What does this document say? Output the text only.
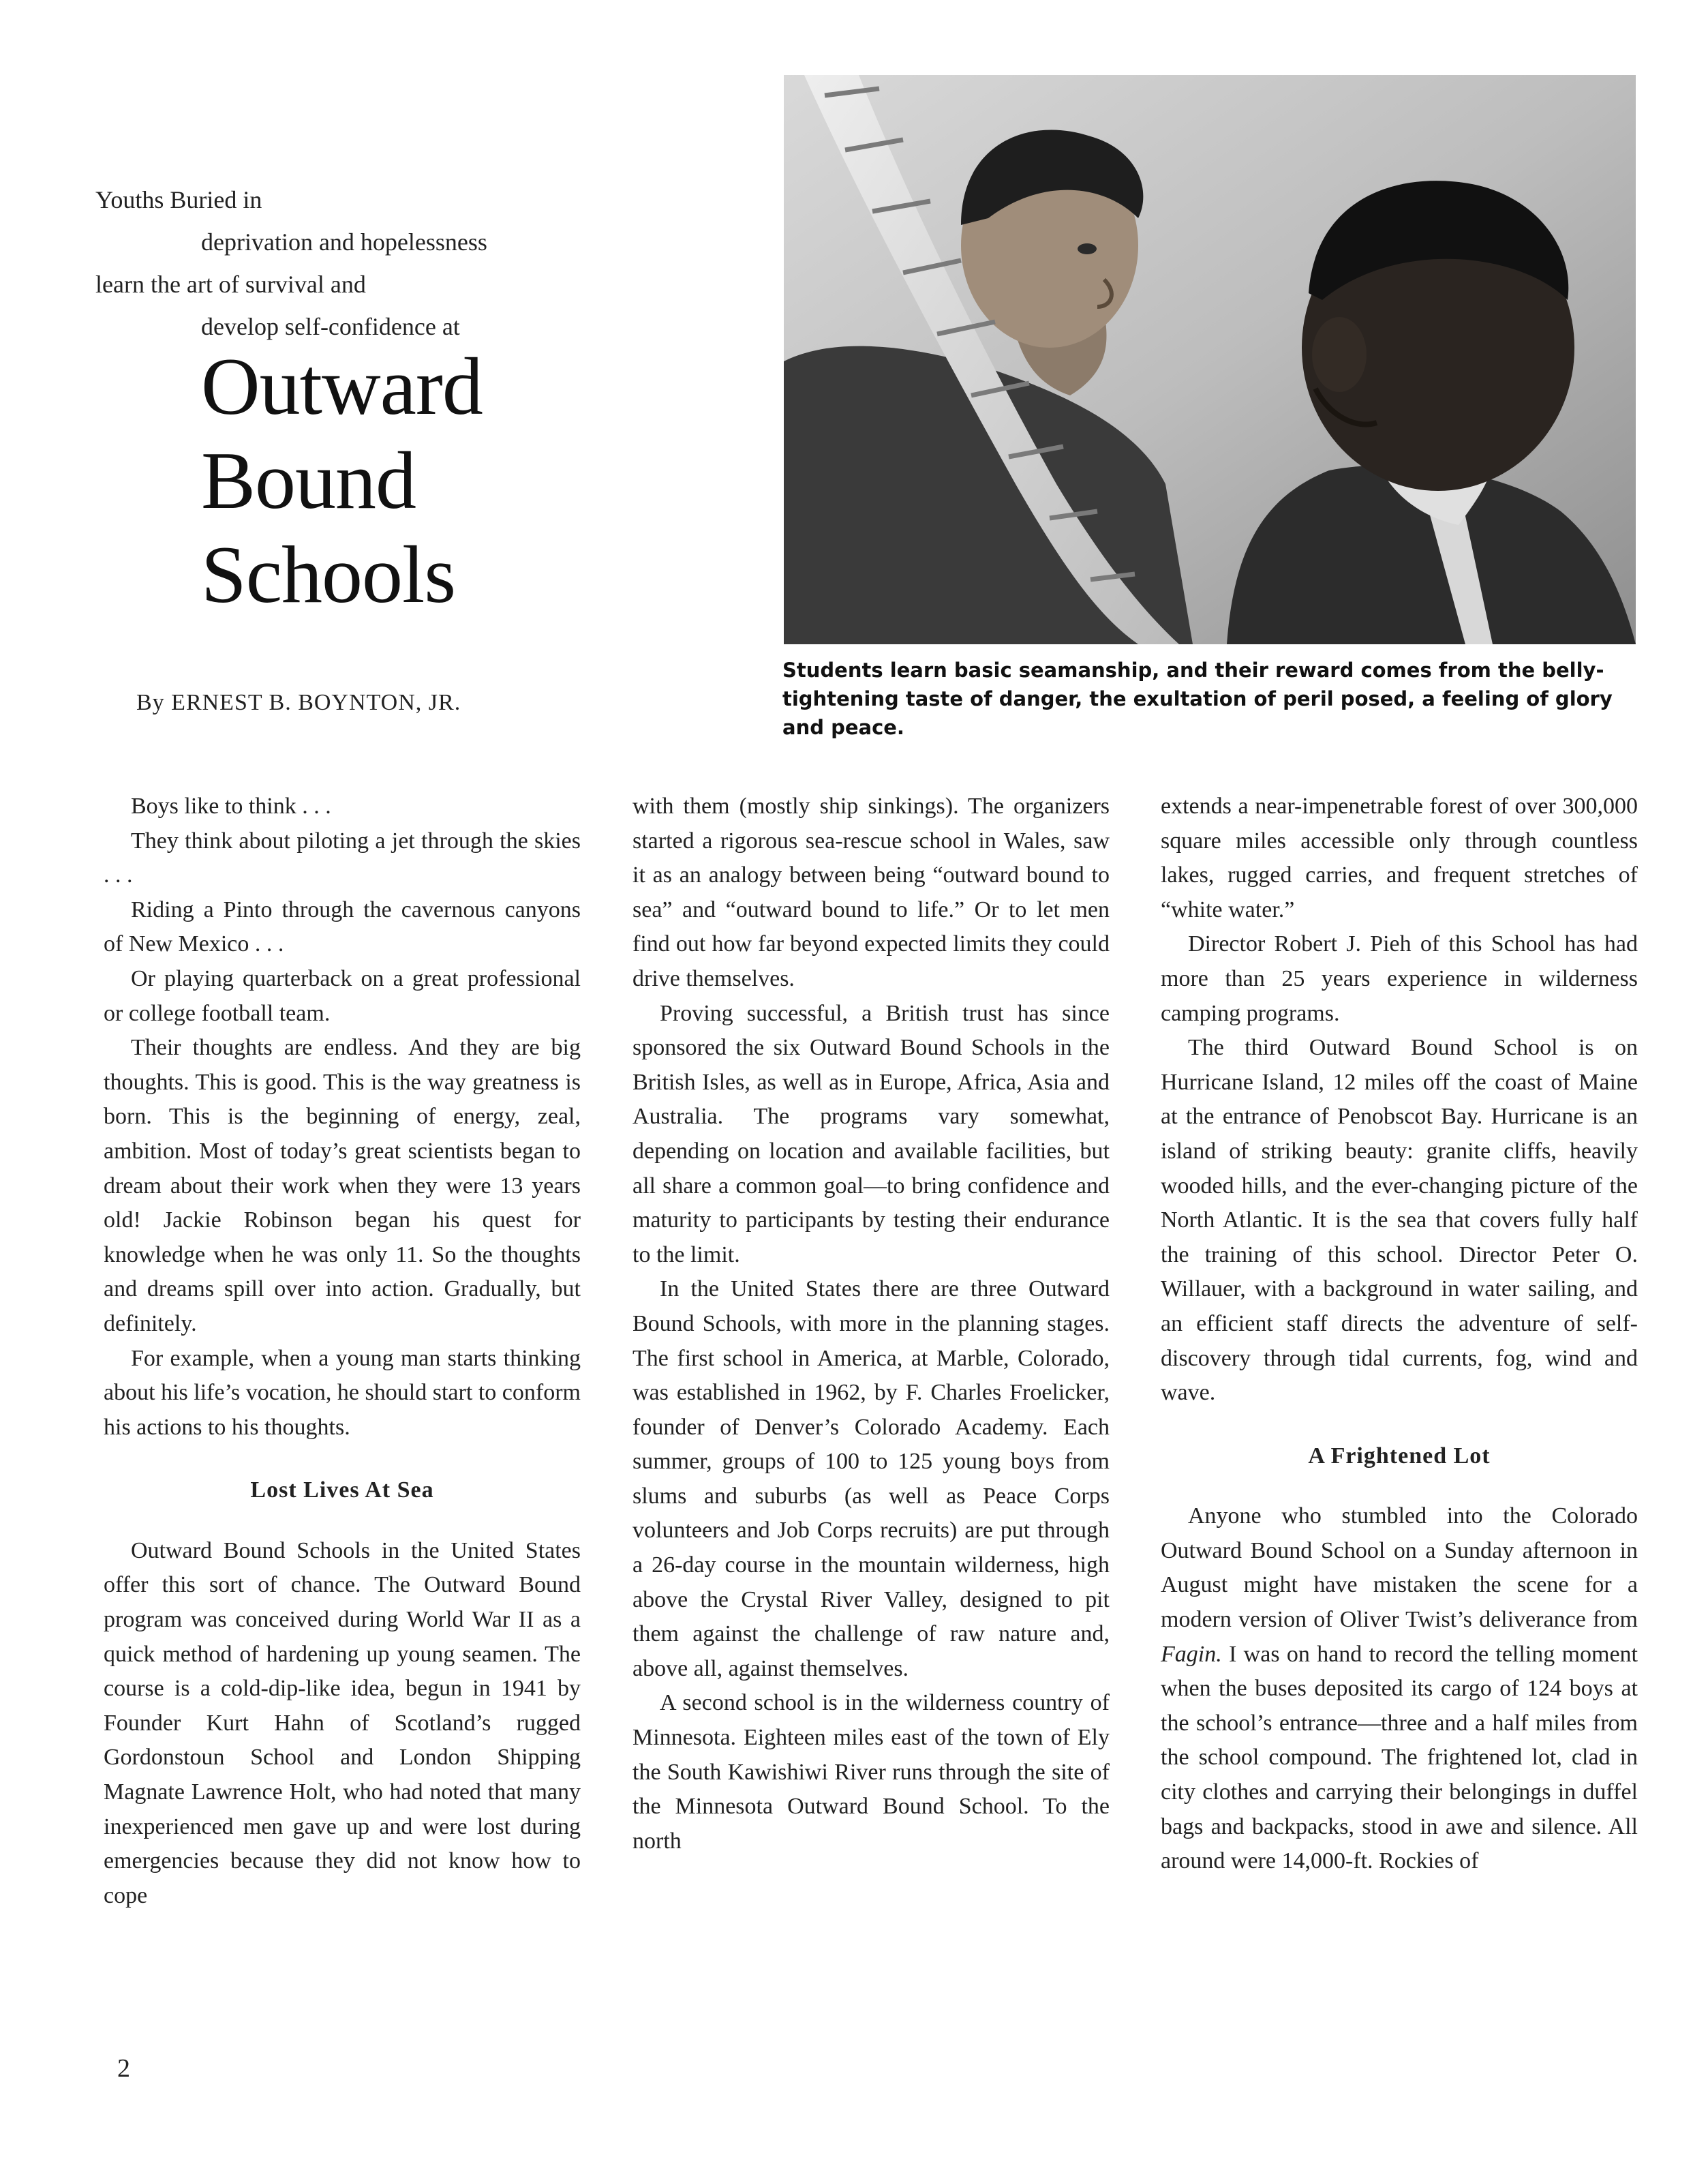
Youths Buried in
deprivation and hopelessness
learn the art of survival and
develop self-confidence at
Outward
Bound
Schools
By ERNEST B. BOYNTON, JR.
Students learn basic seamanship, and their reward comes from the belly-tightening taste of danger, the exultation of peril posed, a feeling of glory and peace.

Boys like to think . . .

They think about piloting a jet through the skies . . .

Riding a Pinto through the cavernous canyons of New Mexico . . .

Or playing quarterback on a great professional or college football team.

Their thoughts are endless. And they are big thoughts. This is good. This is the way greatness is born. This is the beginning of energy, zeal, ambition. Most of today’s great scientists began to dream about their work when they were 13 years old! Jackie Robinson began his quest for knowledge when he was only 11. So the thoughts and dreams spill over into action. Gradually, but definitely.

For example, when a young man starts thinking about his life’s vocation, he should start to conform his actions to his thoughts.

Lost Lives At Sea

Outward Bound Schools in the United States offer this sort of chance. The Outward Bound program was conceived during World War II as a quick method of hardening up young seamen. The course is a cold-dip-like idea, begun in 1941 by Founder Kurt Hahn of Scotland’s rugged Gordonstoun School and London Shipping Magnate Lawrence Holt, who had noted that many inexperienced men gave up and were lost during emergencies because they did not know how to cope

with them (mostly ship sinkings). The organizers started a rigorous sea-rescue school in Wales, saw it as an analogy between being “outward bound to sea” and “outward bound to life.” Or to let men find out how far beyond expected limits they could drive themselves.

Proving successful, a British trust has since sponsored the six Outward Bound Schools in the British Isles, as well as in Europe, Africa, Asia and Australia. The programs vary somewhat, depending on location and available facilities, but all share a common goal—to bring confidence and maturity to participants by testing their endurance to the limit.

In the United States there are three Outward Bound Schools, with more in the planning stages. The first school in America, at Marble, Colorado, was established in 1962, by F. Charles Froelicker, founder of Denver’s Colorado Academy. Each summer, groups of 100 to 125 young boys from slums and suburbs (as well as Peace Corps volunteers and Job Corps recruits) are put through a 26-day course in the mountain wilderness, high above the Crystal River Valley, designed to pit them against the challenge of raw nature and, above all, against themselves.

A second school is in the wilderness country of Minnesota. Eighteen miles east of the town of Ely the South Kawishiwi River runs through the site of the Minnesota Outward Bound School. To the north

extends a near-impenetrable forest of over 300,000 square miles accessible only through countless lakes, rugged carries, and frequent stretches of “white water.”

Director Robert J. Pieh of this School has had more than 25 years experience in wilderness camping programs.

The third Outward Bound School is on Hurricane Island, 12 miles off the coast of Maine at the entrance of Penobscot Bay. Hurricane is an island of striking beauty: granite cliffs, heavily wooded hills, and the ever-changing picture of the North Atlantic. It is the sea that covers fully half the training of this school. Director Peter O. Willauer, with a background in water sailing, and an efficient staff directs the adventure of self-discovery through tidal currents, fog, wind and wave.

A Frightened Lot

Anyone who stumbled into the Colorado Outward Bound School on a Sunday afternoon in August might have mistaken the scene for a modern version of Oliver Twist’s deliverance from Fagin. I was on hand to record the telling moment when the buses deposited its cargo of 124 boys at the school’s entrance—three and a half miles from the school compound. The frightened lot, clad in city clothes and carrying their belongings in duffel bags and backpacks, stood in awe and silence. All around were 14,000-ft. Rockies of

2
